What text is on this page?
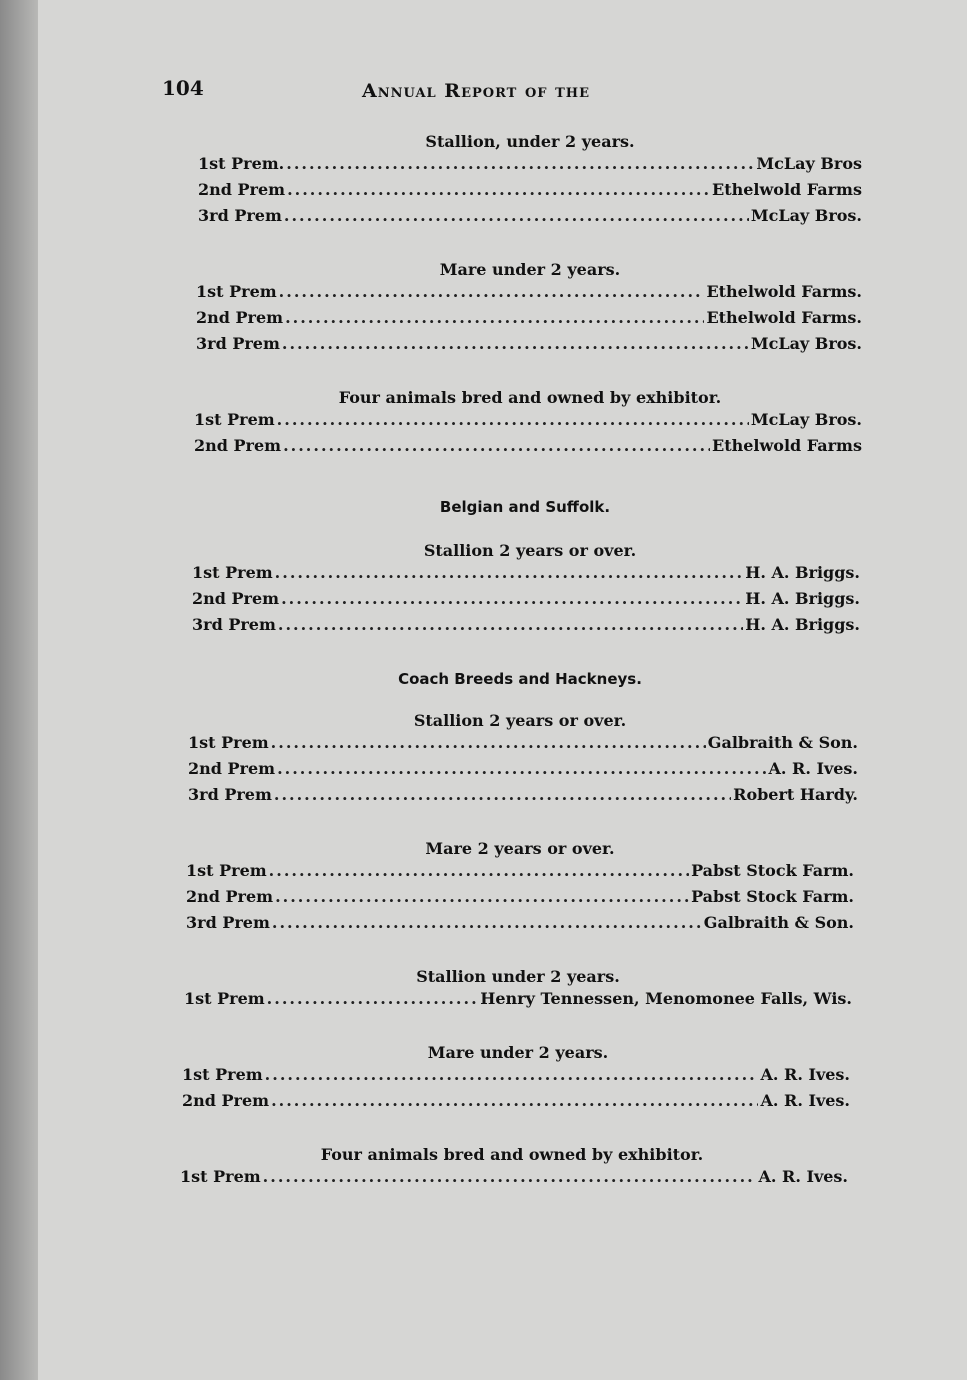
104	Annual Report of the
Stallion, under 2 years.
1st Prem. .....	McLay Bros
2nd Prem .....	Ethelwold Farms
3rd Prem .....	McLay Bros.
Mare under 2 years.
1st Prem .....	Ethelwold Farms.
2nd Prem .....	Ethelwold Farms.
3rd Prem .....	McLay Bros.
Four animals bred and owned by exhibitor.
1st Prem .....	McLay Bros.
2nd Prem .....	Ethelwold Farms
Belgian and Suffolk.
Stallion 2 years or over.
1st Prem .....	H. A. Briggs.
2nd Prem .....	H. A. Briggs.
3rd Prem .....	H. A. Briggs.
Coach Breeds and Hackneys.
Stallion 2 years or over.
1st Prem .....	Galbraith & Son.
2nd Prem .....	A. R. Ives.
3rd Prem .....	Robert Hardy.
Mare 2 years or over.
1st Prem .....	Pabst Stock Farm.
2nd Prem .....	Pabst Stock Farm.
3rd Prem .....	Galbraith & Son.
Stallion under 2 years.
1st Prem .....	Henry Tennessen, Menomonee Falls, Wis.
Mare under 2 years.
1st Prem .....	A. R. Ives.
2nd Prem .....	A. R. Ives.
Four animals bred and owned by exhibitor.
1st Prem .....	A. R. Ives.
